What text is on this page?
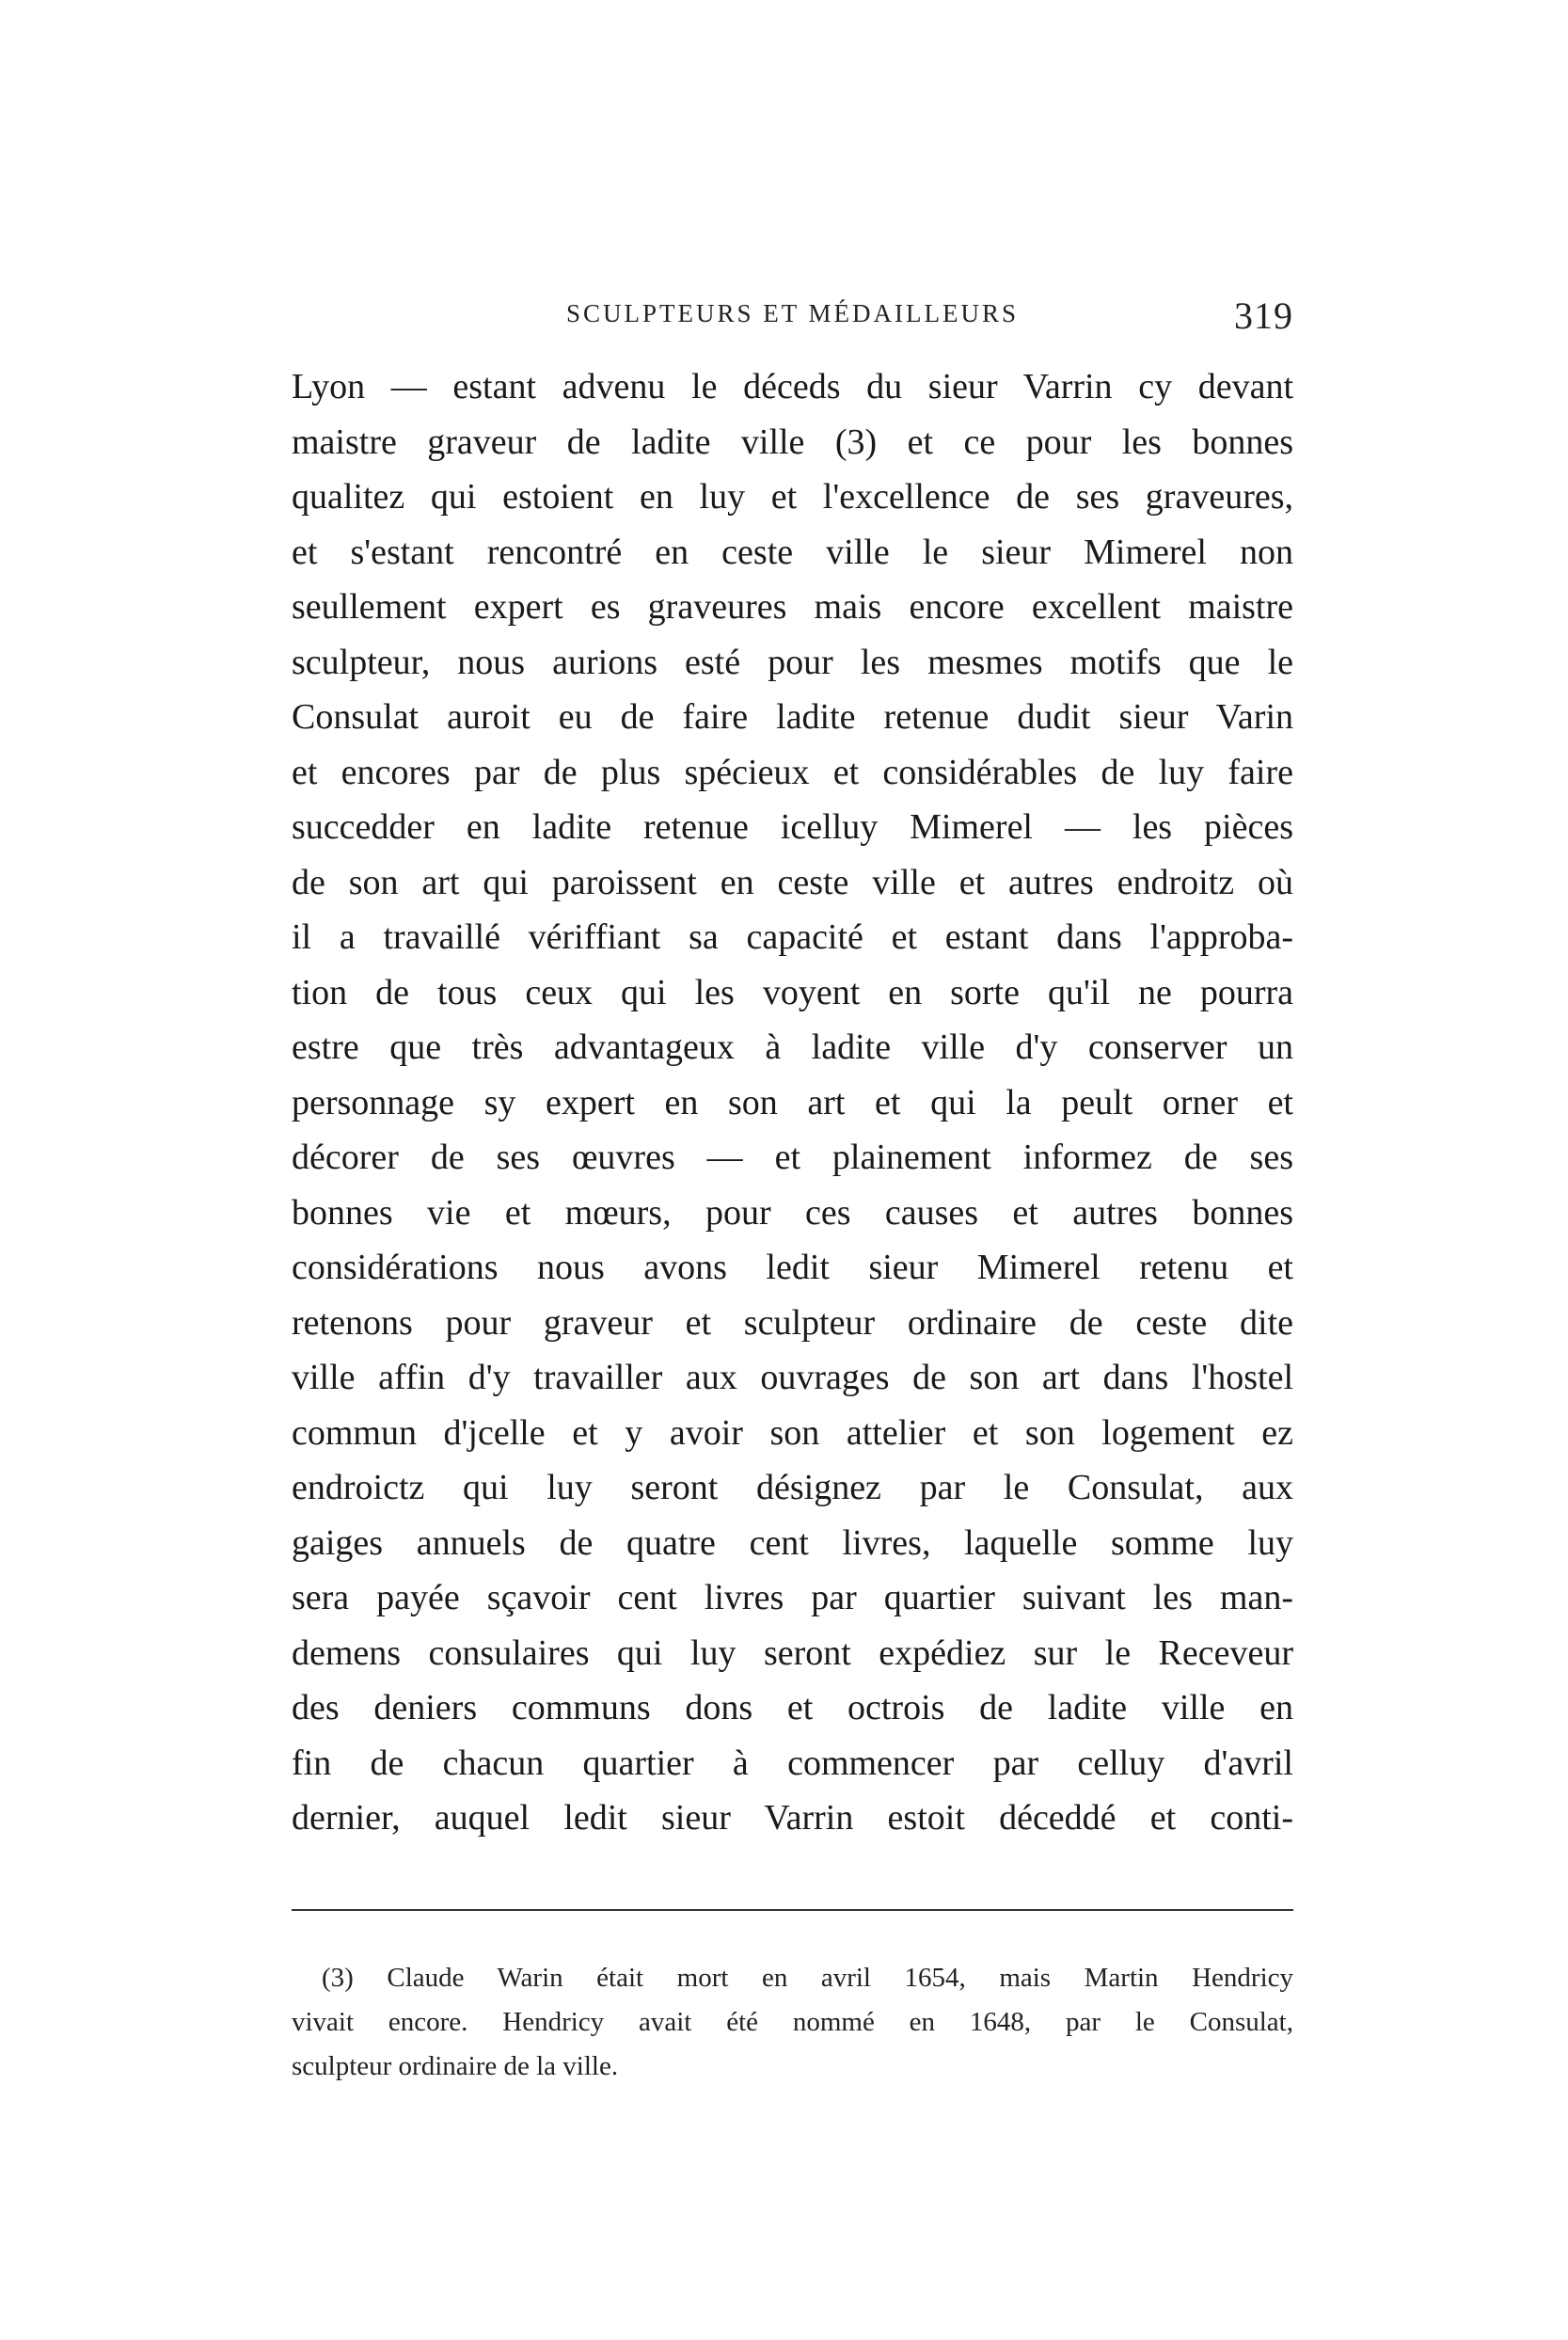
SCULPTEURS ET MÉDAILLEURS	319
Lyon — estant advenu le déceds du sieur Varrin cy devant
maistre graveur de ladite ville (3) et ce pour les bonnes
qualitez qui estoient en luy et l'excellence de ses graveures,
et s'estant rencontré en ceste ville le sieur Mimerel non
seullement expert es graveures mais encore excellent maistre
sculpteur, nous aurions esté pour les mesmes motifs que le
Consulat auroit eu de faire ladite retenue dudit sieur Varin
et encores par de plus spécieux et considérables de luy faire
succedder en ladite retenue icelluy Mimerel — les pièces
de son art qui paroissent en ceste ville et autres endroitz où
il a travaillé vériffiant sa capacité et estant dans l'approba-
tion de tous ceux qui les voyent en sorte qu'il ne pourra
estre que très advantageux à ladite ville d'y conserver un
personnage sy expert en son art et qui la peult orner et
décorer de ses œuvres — et plainement informez de ses
bonnes vie et mœurs, pour ces causes et autres bonnes
considérations nous avons ledit sieur Mimerel retenu et
retenons pour graveur et sculpteur ordinaire de ceste dite
ville affin d'y travailler aux ouvrages de son art dans l'hostel
commun d'jcelle et y avoir son attelier et son logement ez
endroictz qui luy seront désignez par le Consulat, aux
gaiges annuels de quatre cent livres, laquelle somme luy
sera payée sçavoir cent livres par quartier suivant les man-
demens consulaires qui luy seront expédiez sur le Receveur
des deniers communs dons et octrois de ladite ville en
fin de chacun quartier à commencer par celluy d'avril
dernier, auquel ledit sieur Varrin estoit déceddé et conti-
(3) Claude Warin était mort en avril 1654, mais Martin Hendricy
vivait encore. Hendricy avait été nommé en 1648, par le Consulat,
sculpteur ordinaire de la ville.
